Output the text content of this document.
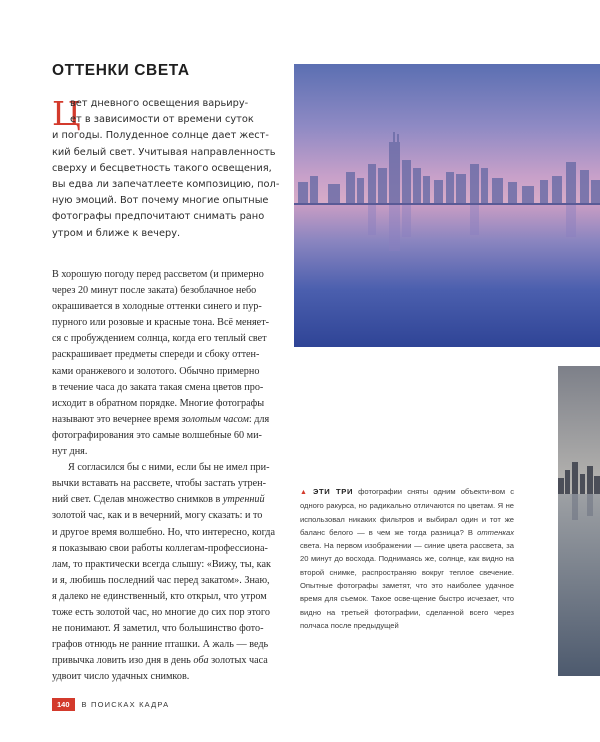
ОТТЕНКИ СВЕТА
Ц
вет дневного освещения варьиру-
ет в зависимости от времени суток
и погоды. Полуденное солнце дает жест-
кий белый свет. Учитывая направленность
сверху и бесцветность такого освещения,
вы едва ли запечатлеете композицию, пол-
ную эмоций. Вот почему многие опытные
фотографы предпочитают снимать рано
утром и ближе к вечеру.
В хорошую погоду перед рассветом (и примерно
через 20 минут после заката) безоблачное небо
окрашивается в холодные оттенки синего и пур-
пурного или розовые и красные тона. Всё меняет-
ся с пробуждением солнца, когда его теплый свет
раскрашивает предметы спереди и сбоку оттен-
ками оранжевого и золотого. Обычно примерно
в течение часа до заката такая смена цветов про-
исходит в обратном порядке. Многие фотографы
называют это вечернее время золотым часом: для
фотографирования это самые волшебные 60 ми-
нут дня.
Я согласился бы с ними, если бы не имел при-
вычки вставать на рассвете, чтобы застать утрен-
ний свет. Сделав множество снимков в утренний
золотой час, как и в вечерний, могу сказать: и то
и другое время волшебно. Но, что интересно, когда
я показываю свои работы коллегам-профессиона-
лам, то практически всегда слышу: «Вижу, ты, как
и я, любишь последний час перед закатом». Знаю,
я далеко не единственный, кто открыл, что утром
тоже есть золотой час, но многие до сих пор этого
не понимают. Я заметил, что большинство фото-
графов отнюдь не ранние пташки. А жаль — ведь
привычка ловить изо дня в день оба золотых часа
удвоит число удачных снимков.
▲ ЭТИ ТРИ фотографии сняты одним объекти-вом с одного ракурса, но радикально отличаются по цветам. Я не использовал никаких фильтров и выбирал один и тот же баланс белого — в чем же тогда разница? В оттенках света. На первом изображении — синие цвета рассвета, за 20 минут до восхода. Поднимаясь же, солнце, как видно на второй снимке, распространяю вокруг теплое свечение. Опытные фотографы заметят, что это наиболее удачное время для съемок. Такое осве-щение быстро исчезает, что видно на третьей фотографии, сделанной всего через полчаса после предыдущей
140	В ПОИСКАХ КАДРА
